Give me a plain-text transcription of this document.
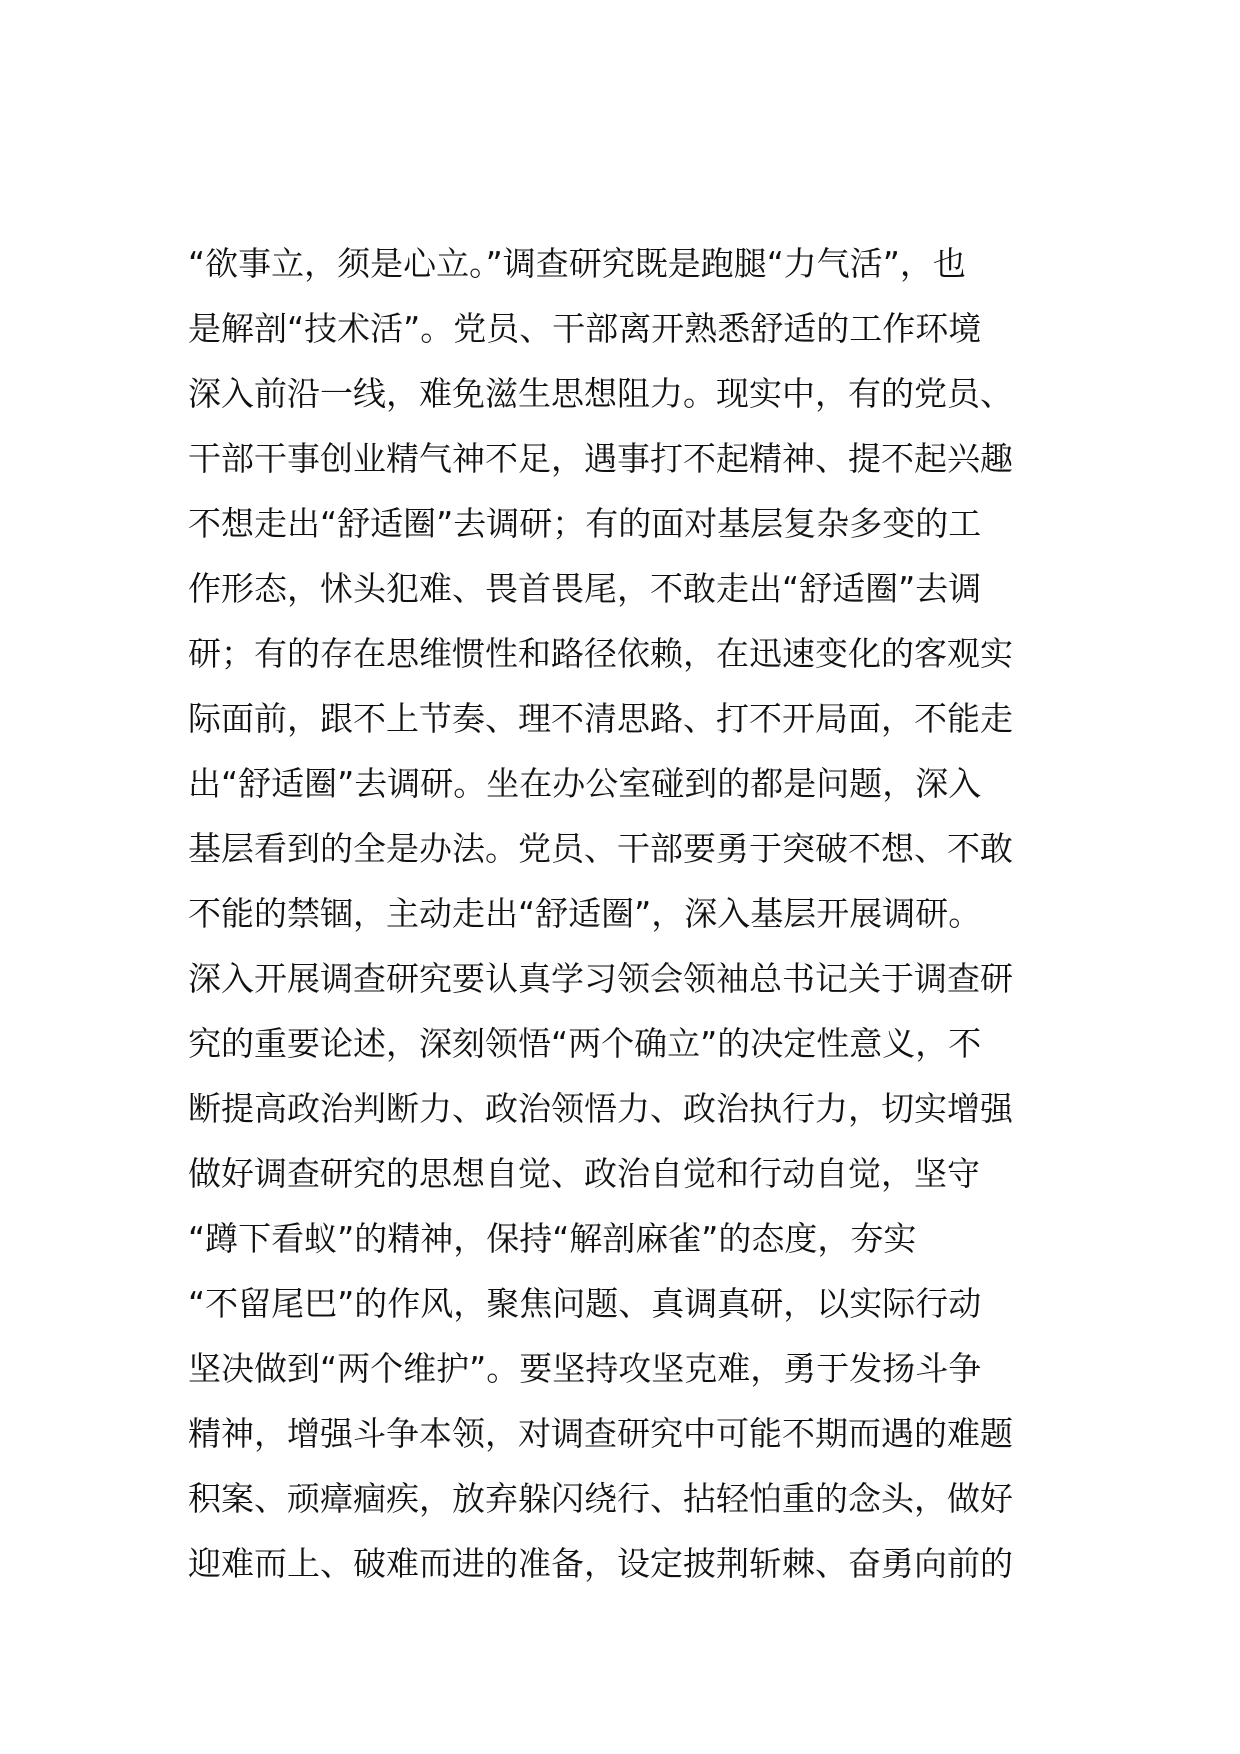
“欲事立，须是心立。”调查研究既是跑腿“力气活”，也
是解剖“技术活”。党员、干部离开熟悉舒适的工作环境
深入前沿一线，难免滋生思想阻力。现实中，有的党员、
干部干事创业精气神不足，遇事打不起精神、提不起兴趣
不想走出“舒适圈”去调研；有的面对基层复杂多变的工
作形态，怵头犯难、畏首畏尾，不敢走出“舒适圈”去调
研；有的存在思维惯性和路径依赖，在迅速变化的客观实
际面前，跟不上节奏、理不清思路、打不开局面，不能走
出“舒适圈”去调研。坐在办公室碰到的都是问题，深入
基层看到的全是办法。党员、干部要勇于突破不想、不敢
不能的禁锢，主动走出“舒适圈”，深入基层开展调研。
深入开展调查研究要认真学习领会领袖总书记关于调查研
究的重要论述，深刻领悟“两个确立”的决定性意义，不
断提高政治判断力、政治领悟力、政治执行力，切实增强
做好调查研究的思想自觉、政治自觉和行动自觉，坚守
“蹲下看蚁”的精神，保持“解剖麻雀”的态度，夯实
“不留尾巴”的作风，聚焦问题、真调真研，以实际行动
坚决做到“两个维护”。要坚持攻坚克难，勇于发扬斗争
精神，增强斗争本领，对调查研究中可能不期而遇的难题
积案、顽瘴痼疾，放弃躲闪绕行、拈轻怕重的念头，做好
迎难而上、破难而进的准备，设定披荆斩棘、奋勇向前的
